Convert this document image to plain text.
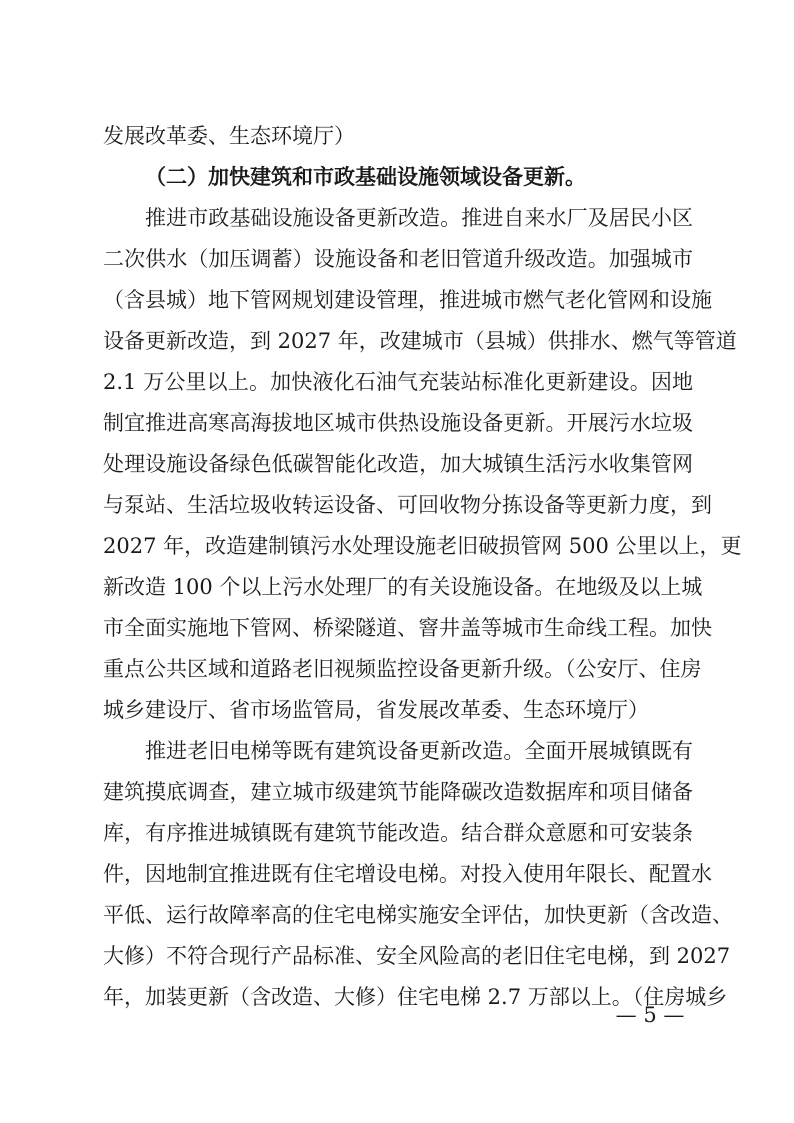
发展改革委、生态环境厅）
（二）加快建筑和市政基础设施领域设备更新。
推进市政基础设施设备更新改造。推进自来水厂及居民小区
二次供水（加压调蓄）设施设备和老旧管道升级改造。加强城市
（含县城）地下管网规划建设管理，推进城市燃气老化管网和设施
设备更新改造，到 2027 年，改建城市（县城）供排水、燃气等管道
2.1 万公里以上。加快液化石油气充装站标准化更新建设。因地
制宜推进高寒高海拔地区城市供热设施设备更新。开展污水垃圾
处理设施设备绿色低碳智能化改造，加大城镇生活污水收集管网
与泵站、生活垃圾收转运设备、可回收物分拣设备等更新力度，到
2027 年，改造建制镇污水处理设施老旧破损管网 500 公里以上，更
新改造 100 个以上污水处理厂的有关设施设备。在地级及以上城
市全面实施地下管网、桥梁隧道、窨井盖等城市生命线工程。加快
重点公共区域和道路老旧视频监控设备更新升级。（公安厅、住房
城乡建设厅、省市场监管局，省发展改革委、生态环境厅）
推进老旧电梯等既有建筑设备更新改造。全面开展城镇既有
建筑摸底调查，建立城市级建筑节能降碳改造数据库和项目储备
库，有序推进城镇既有建筑节能改造。结合群众意愿和可安装条
件，因地制宜推进既有住宅增设电梯。对投入使用年限长、配置水
平低、运行故障率高的住宅电梯实施安全评估，加快更新（含改造、
大修）不符合现行产品标准、安全风险高的老旧住宅电梯，到 2027
年，加装更新（含改造、大修）住宅电梯 2.7 万部以上。（住房城乡
— 5 —
